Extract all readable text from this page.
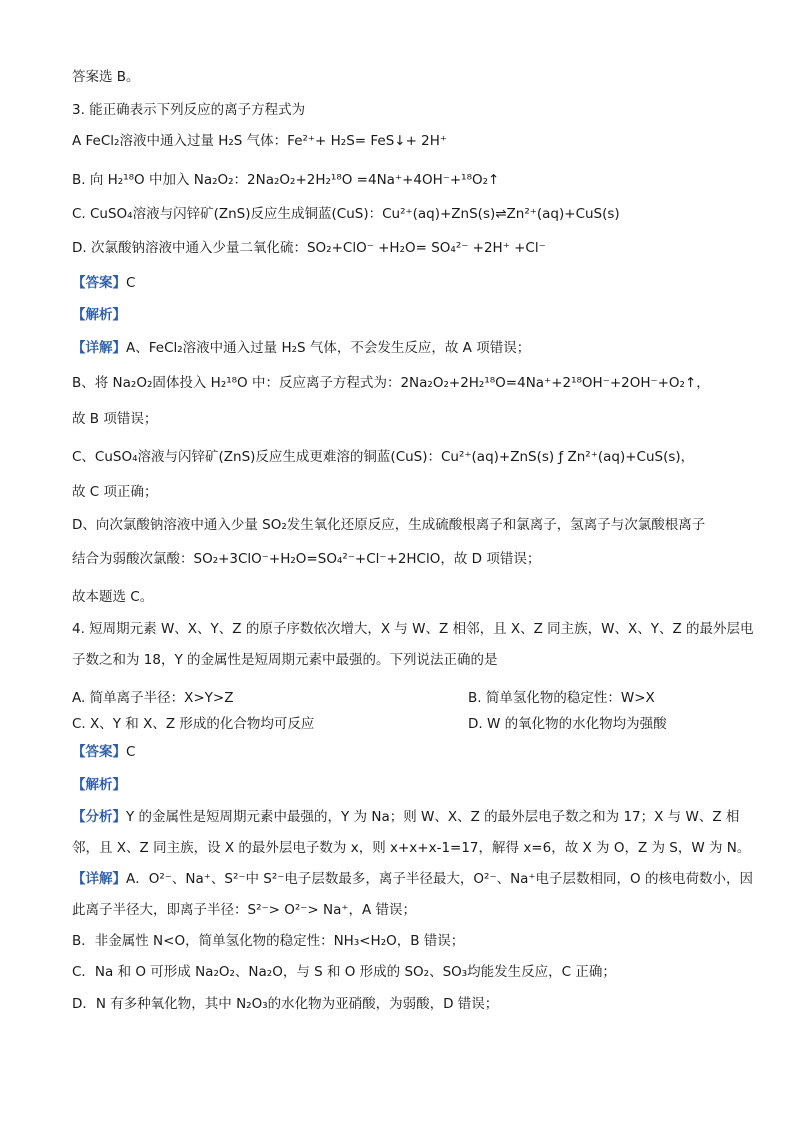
A. 简单离子半径：X>Y>Z	B. 简单氢化物的稳定性：W>X
C. X、Y 和 X、Z 形成的化合物均可反应	D. W 的氧化物的水化物均为强酸
答案选 B。
3. 能正确表示下列反应的离子方程式为
A FeCl₂溶液中通入过量 H₂S 气体：Fe²⁺+ H₂S= FeS↓+ 2H⁺
B. 向 H₂¹⁸O 中加入 Na₂O₂：2Na₂O₂+2H₂¹⁸O =4Na⁺+4OH⁻+¹⁸O₂↑
C. CuSO₄溶液与闪锌矿(ZnS)反应生成铜蓝(CuS)：Cu²⁺(aq)+ZnS(s)⇌Zn²⁺(aq)+CuS(s)
D. 次氯酸钠溶液中通入少量二氧化硫：SO₂+ClO⁻ +H₂O= SO₄²⁻ +2H⁺ +Cl⁻
【答案】C
【解析】
【详解】A、FeCl₂溶液中通入过量 H₂S 气体，不会发生反应，故 A 项错误；
B、将 Na₂O₂固体投入 H₂¹⁸O 中：反应离子方程式为：2Na₂O₂+2H₂¹⁸O=4Na⁺+2¹⁸OH⁻+2OH⁻+O₂↑，
故 B 项错误；
C、CuSO₄溶液与闪锌矿(ZnS)反应生成更难溶的铜蓝(CuS)：Cu²⁺(aq)+ZnS(s) ƒ Zn²⁺(aq)+CuS(s)，
故 C 项正确；
D、向次氯酸钠溶液中通入少量 SO₂发生氧化还原反应，生成硫酸根离子和氯离子，氢离子与次氯酸根离子
结合为弱酸次氯酸：SO₂+3ClO⁻+H₂O=SO₄²⁻+Cl⁻+2HClO，故 D 项错误；
故本题选 C。
4. 短周期元素 W、X、Y、Z 的原子序数依次增大，X 与 W、Z 相邻，且 X、Z 同主族，W、X、Y、Z 的最外层电
子数之和为 18，Y 的金属性是短周期元素中最强的。下列说法正确的是
【答案】C
【解析】
【分析】Y 的金属性是短周期元素中最强的，Y 为 Na；则 W、X、Z 的最外层电子数之和为 17；X 与 W、Z 相
邻，且 X、Z 同主族，设 X 的最外层电子数为 x，则 x+x+x-1=17，解得 x=6，故 X 为 O，Z 为 S，W 为 N。
【详解】A．O²⁻、Na⁺、S²⁻中 S²⁻电子层数最多，离子半径最大，O²⁻、Na⁺电子层数相同，O 的核电荷数小，因
此离子半径大，即离子半径：S²⁻> O²⁻> Na⁺，A 错误；
B．非金属性 N<O，简单氢化物的稳定性：NH₃<H₂O，B 错误；
C．Na 和 O 可形成 Na₂O₂、Na₂O，与 S 和 O 形成的 SO₂、SO₃均能发生反应，C 正确；
D．N 有多种氧化物，其中 N₂O₃的水化物为亚硝酸，为弱酸，D 错误；
